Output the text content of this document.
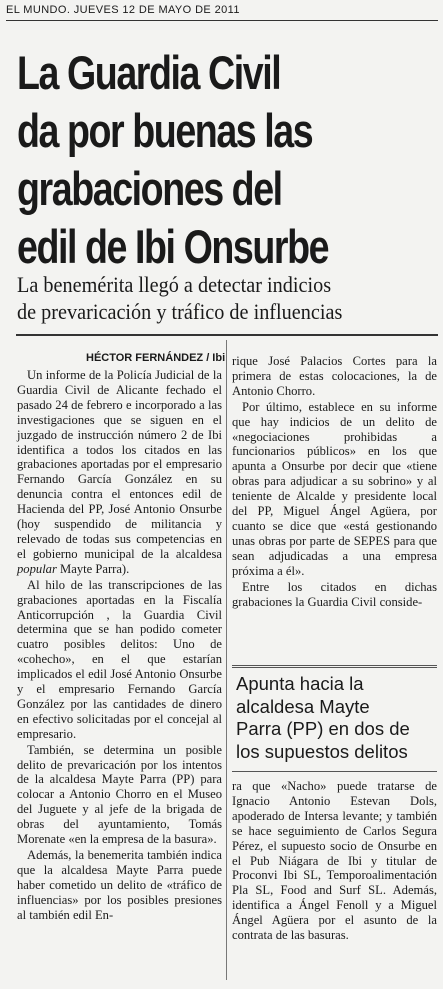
EL MUNDO. JUEVES 12 DE MAYO DE 2011
La Guardia Civil
da por buenas las
grabaciones del
edil de Ibi Onsurbe
La benemérita llegó a detectar indicios
de prevaricación y tráfico de influencias
HÉCTOR FERNÁNDEZ / Ibi

Un informe de la Policía Judicial de la Guardia Civil de Alicante fechado el pasado 24 de febrero e incorporado a las investigaciones que se siguen en el juzgado de instrucción número 2 de Ibi identifica a todos los citados en las grabaciones aportadas por el empresario Fernando García González en su denuncia contra el entonces edil de Hacienda del PP, José Antonio Onsurbe (hoy suspendido de militancia y relevado de todas sus competencias en el gobierno municipal de la alcaldesa popular Mayte Parra).

Al hilo de las transcripciones de las grabaciones aportadas en la Fiscalía Anticorrupción , la Guardia Civil determina que se han podido cometer cuatro posibles delitos: Uno de «cohecho», en el que estarían implicados el edil José Antonio Onsurbe y el empresario Fernando García González por las cantidades de dinero en efectivo solicitadas por el concejal al empresario.

También, se determina un posible delito de prevaricación por los intentos de la alcaldesa Mayte Parra (PP) para colocar a Antonio Chorro en el Museo del Juguete y al jefe de la brigada de obras del ayuntamiento, Tomás Morenate «en la empresa de la basura».

Además, la benemerita también indica que la alcaldesa Mayte Parra puede haber cometido un delito de «tráfico de influencias» por los posibles presiones al también edil En-

rique José Palacios Cortes para la primera de estas colocaciones, la de Antonio Chorro.

Por último, establece en su informe que hay indicios de un delito de «negociaciones prohibidas a funcionarios públicos» en los que apunta a Onsurbe por decir que «tiene obras para adjudicar a su sobrino» y al teniente de Alcalde y presidente local del PP, Miguel Ángel Agüera, por cuanto se dice que «está gestionando unas obras por parte de SEPES para que sean adjudicadas a una empresa próxima a él».

Entre los citados en dichas grabaciones la Guardia Civil conside-

Apunta hacia la
alcaldesa Mayte
Parra (PP) en dos de
los supuestos delitos

ra que «Nacho» puede tratarse de Ignacio Antonio Estevan Dols, apoderado de Intersa levante; y también se hace seguimiento de Carlos Segura Pérez, el supuesto socio de Onsurbe en el Pub Niágara de Ibi y titular de Proconvi Ibi SL, Temporoalimentación Pla SL, Food and Surf SL. Además, identifica a Ángel Fenoll y a Miguel Ángel Agüera por el asunto de la contrata de las basuras.
